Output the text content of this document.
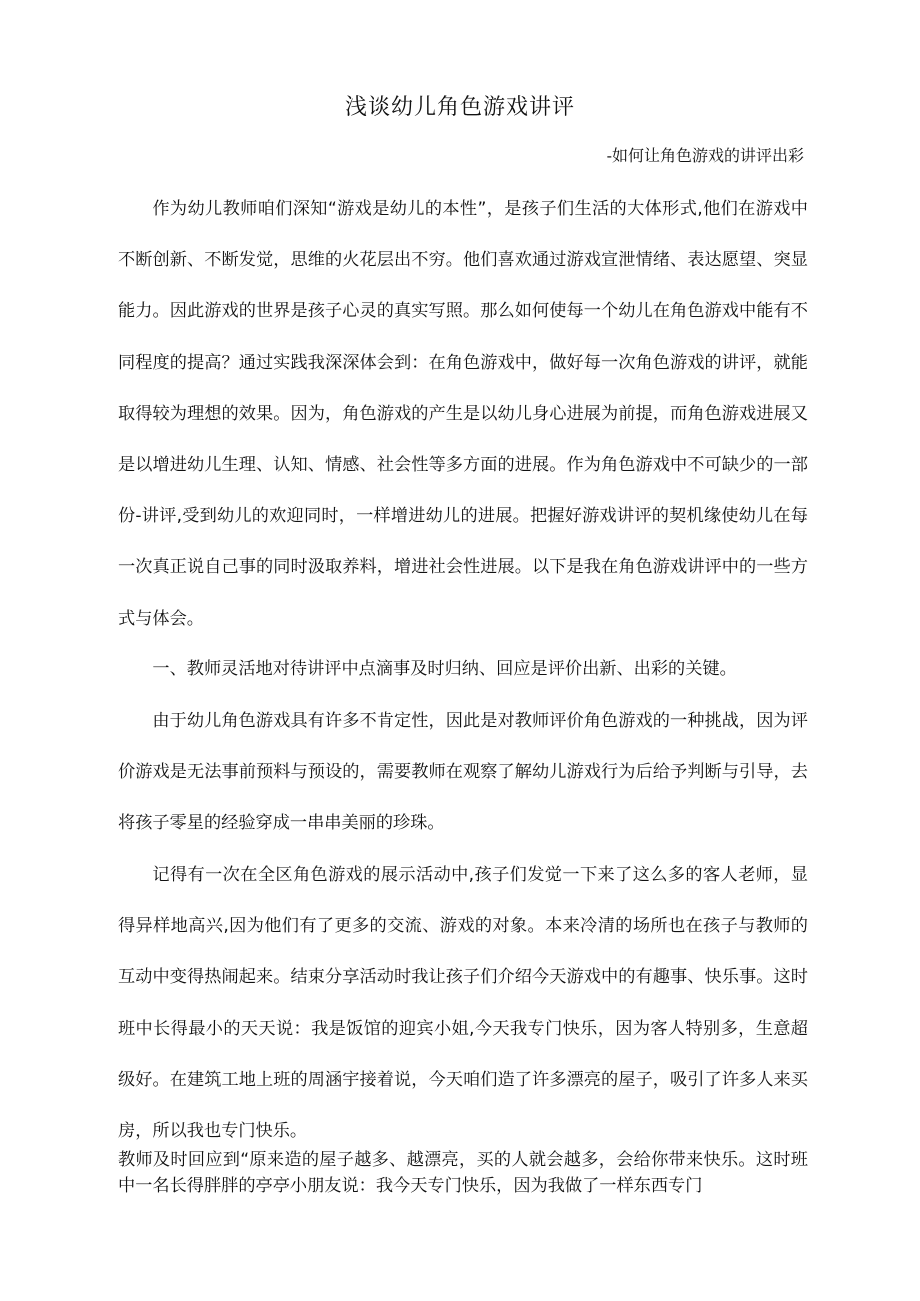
浅谈幼儿角色游戏讲评
-如何让角色游戏的讲评出彩

作为幼儿教师咱们深知“游戏是幼儿的本性”，是孩子们生活的大体形式,他们在游戏中不断创新、不断发觉，思维的火花层出不穷。他们喜欢通过游戏宣泄情绪、表达愿望、突显能力。因此游戏的世界是孩子心灵的真实写照。那么如何使每一个幼儿在角色游戏中能有不同程度的提高？通过实践我深深体会到：在角色游戏中，做好每一次角色游戏的讲评，就能取得较为理想的效果。因为，角色游戏的产生是以幼儿身心进展为前提，而角色游戏进展又是以增进幼儿生理、认知、情感、社会性等多方面的进展。作为角色游戏中不可缺少的一部份-讲评,受到幼儿的欢迎同时，一样增进幼儿的进展。把握好游戏讲评的契机缘使幼儿在每一次真正说自己事的同时汲取养料，增进社会性进展。以下是我在角色游戏讲评中的一些方式与体会。

一、教师灵活地对待讲评中点滴事及时归纳、回应是评价出新、出彩的关键。

由于幼儿角色游戏具有许多不肯定性，因此是对教师评价角色游戏的一种挑战，因为评价游戏是无法事前预料与预设的，需要教师在观察了解幼儿游戏行为后给予判断与引导，去将孩子零星的经验穿成一串串美丽的珍珠。

记得有一次在全区角色游戏的展示活动中,孩子们发觉一下来了这么多的客人老师，显得异样地高兴,因为他们有了更多的交流、游戏的对象。本来冷清的场所也在孩子与教师的互动中变得热闹起来。结束分享活动时我让孩子们介绍今天游戏中的有趣事、快乐事。这时班中长得最小的天天说：我是饭馆的迎宾小姐,今天我专门快乐，因为客人特别多，生意超级好。在建筑工地上班的周涵宇接着说，今天咱们造了许多漂亮的屋子，吸引了许多人来买房，所以我也专门快乐。

教师及时回应到“原来造的屋子越多、越漂亮，买的人就会越多，会给你带来快乐。这时班中一名长得胖胖的亭亭小朋友说：我今天专门快乐，因为我做了一样东西专门
